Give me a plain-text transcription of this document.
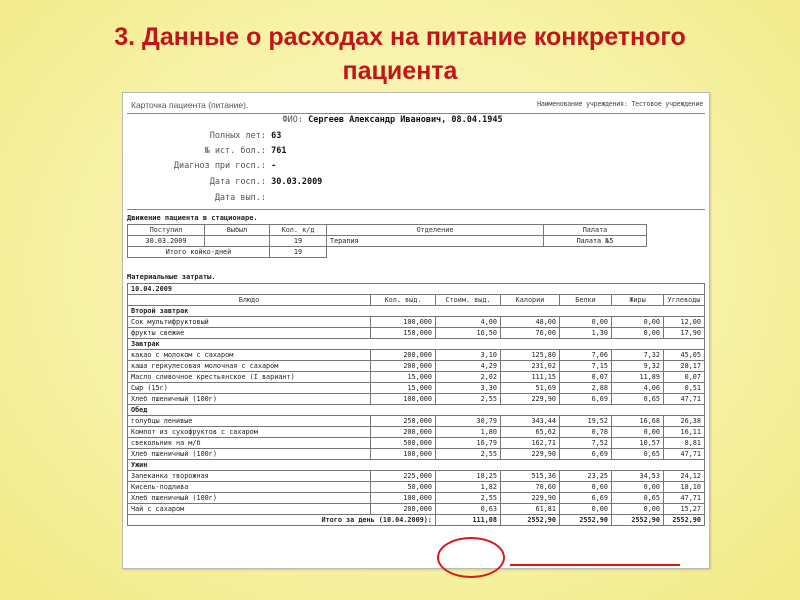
3. Данные о расходах на питание конкретного
пациента
Карточка пациента (питание).	Наименование учреждения: Тестовое учреждение
ФИО: Сергеев Александр Иванович, 08.04.1945
Полных лет: 63
№ ист. бол.: 761
Диагноз при госп.: -
Дата госп.: 30.03.2009
Дата вып.:
Движение пациента в стационаре.
Поступил	Выбыл	Кол. к/д	Отделение	Палата
30.03.2009		19	Терапия	Палата №5
Итого койко-дней		19		
Материальные затраты.
10.04.2009						
Блюдо	Кол. выд.	Стоим. выд.	Калории	Белки	Жиры	Углеводы
Второй завтрак						
Сок мультифруктовый	100,000	4,00	48,00	0,00	0,00	12,00
фрукты свежие	150,000	16,50	76,00	1,30	0,00	17,90
Завтрак						
какао с молоком с сахаром	200,000	3,10	125,80	7,06	7,32	45,05
каша геркулесовая молочная с сахаром	200,000	4,29	231,02	7,15	9,32	28,17
Масло сливочное крестьянское (I вариант)	15,000	2,02	111,15	0,07	11,89	0,07
Сыр (15г)	15,000	3,30	51,69	2,88	4,06	0,51
Хлеб пшеничный (100г)	100,000	2,55	229,90	6,69	0,65	47,71
Обед						
голубцы ленивые	250,000	30,79	343,44	19,52	16,68	26,38
Компот из сухофруктов с сахаром	200,000	1,80	65,62	0,78	0,00	16,11
свекольник на м/б	500,000	16,79	162,71	7,52	10,57	8,81
Хлеб пшеничный (100г)	100,000	2,55	229,90	6,69	0,65	47,71
Ужин						
Запеканка творожная	225,000	18,25	515,36	23,25	34,53	24,12
Кисель-подлива	50,000	1,82	70,60	0,60	0,00	18,10
Хлеб пшеничный (100г)	100,000	2,55	229,90	6,69	0,65	47,71
Чай с сахаром	200,000	0,63	61,81	0,00	0,00	15,27
Итого за день (10.04.2009):		111,08	2552,90	2552,90	2552,90	2552,90
